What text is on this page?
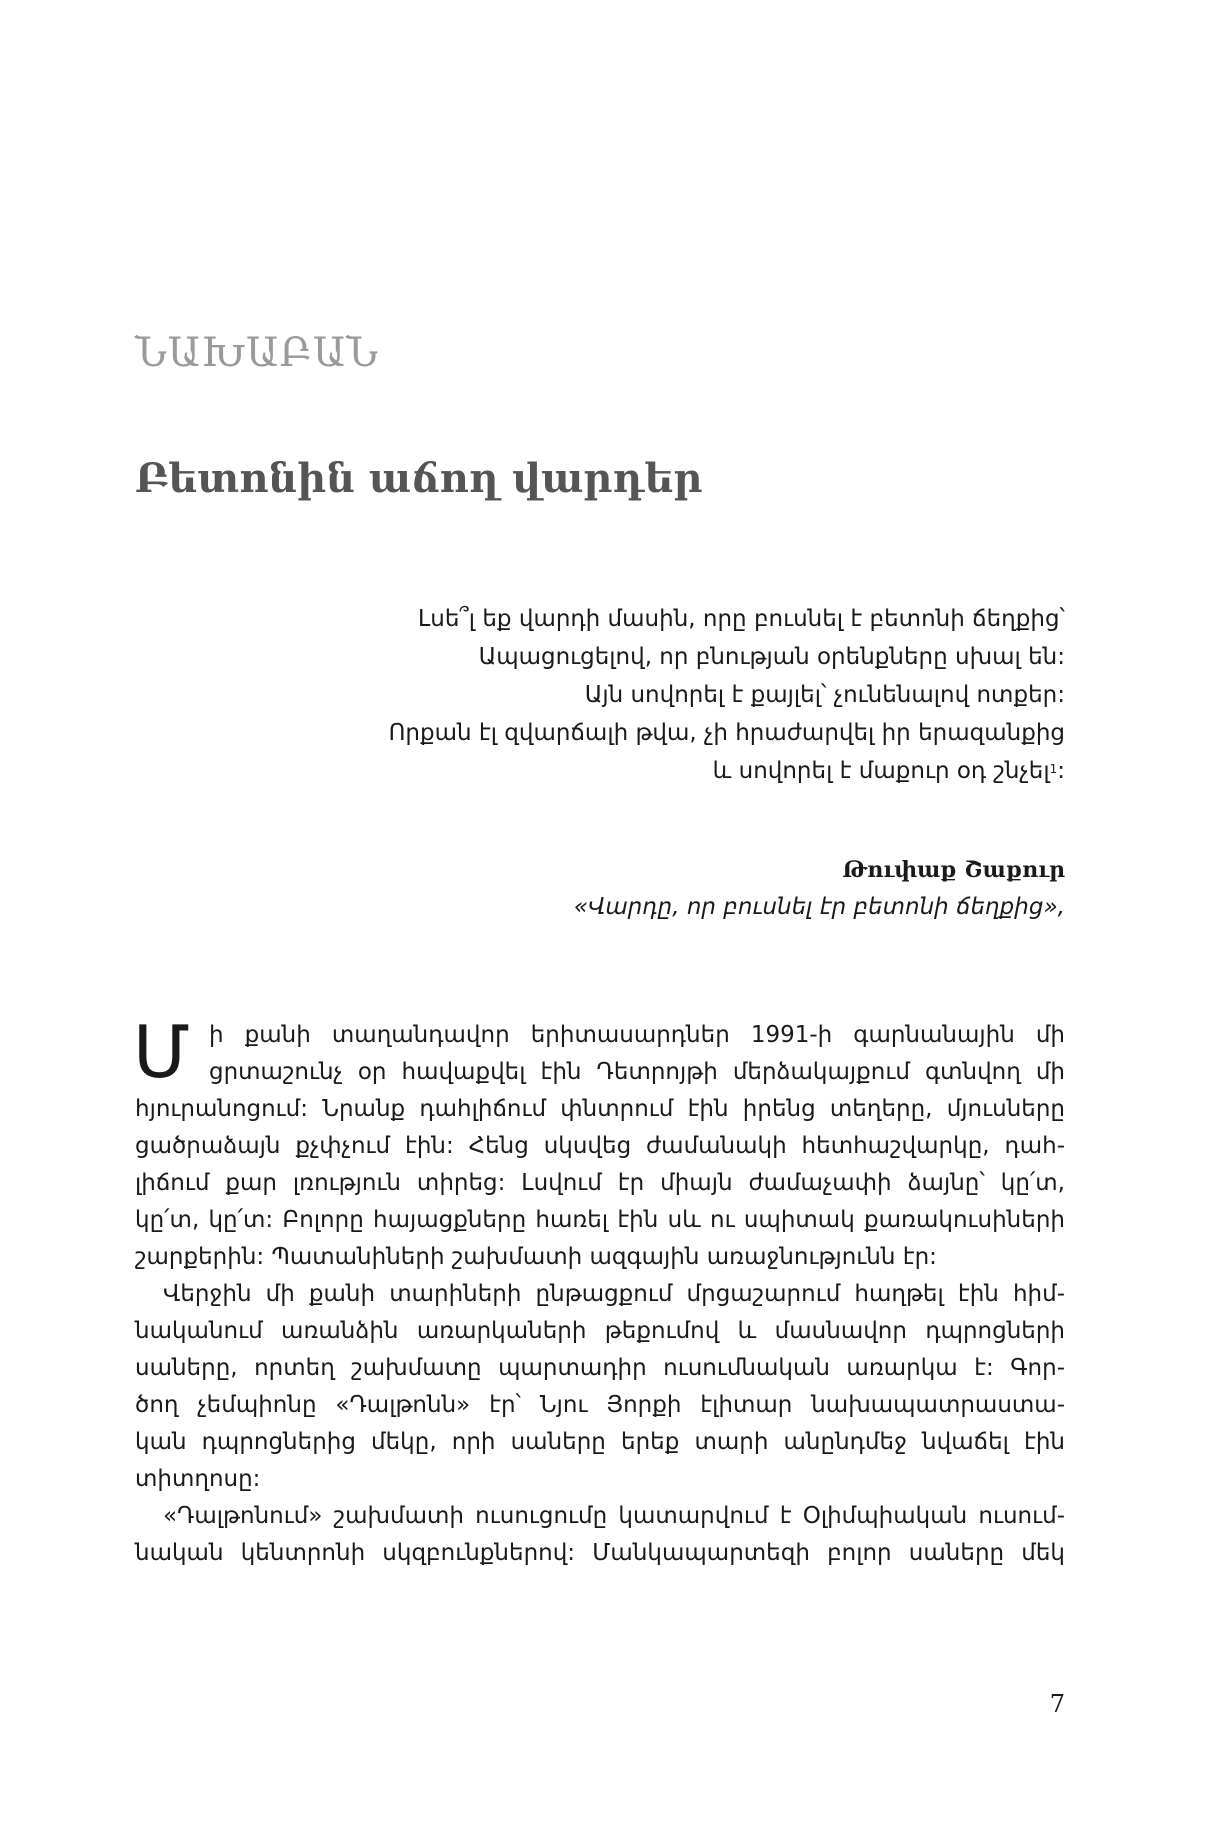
ՆԱԽԱԲԱՆ
Բետոնին աճող վարդեր
Լսե՞լ եք վարդի մասին, որը բուսնել է բետոնի ճեղքից՝
Ապացուցելով, որ բնության օրենքները սխալ են:
Այն սովորել է քայլել՝ չունենալով ոտքեր:
Որքան էլ զվարճալի թվա, չի հրաժարվել իր երազանքից
և սովորել է մաքուր օդ շնչել$^1$:
Թուփաք Շաքուր
«Վարդը, որ բուսնել էր բետոնի ճեղքից»,
Մ ի քանի տաղանդավոր երիտասարդներ 1991-ի գարնանային մի
ցրտաշունչ օր հավաքվել էին Դետրոյթի մերձակայքում գտնվող մի
հյուրանոցում: Նրանք դահլիճում փնտրում էին իրենց տեղերը, մյուսները
ցածրաձայն քչփչում էին: Հենց սկսվեց ժամանակի հետհաշվարկը, դահ-
լիճում քար լռություն տիրեց: Լսվում էր միայն ժամաչափի ձայնը՝ կը՛տ,
կը՛տ, կը՛տ: Բոլորը հայացքները հառել էին սև ու սպիտակ քառակուսիների
շարքերին: Պատանիների շախմատի ազգային առաջնությունն էր:
Վերջին մի քանի տարիների ընթացքում մրցաշարում հաղթել էին հիմ-
նականում առանձին առարկաների թեքումով և մասնավոր դպրոցների
սաները, որտեղ շախմատը պարտադիր ուսումնական առարկա է: Գոր-
ծող չեմպիոնը «Դալթոնն» էր՝ Նյու Յորքի էլիտար նախապատրաստա-
կան դպրոցներից մեկը, որի սաները երեք տարի անընդմեջ նվաճել էին
տիտղոսը:
«Դալթոնում» շախմատի ուսուցումը կատարվում է Օլիմպիական ուսում-
նական կենտրոնի սկզբունքներով: Մանկապարտեզի բոլոր սաները մեկ
7
